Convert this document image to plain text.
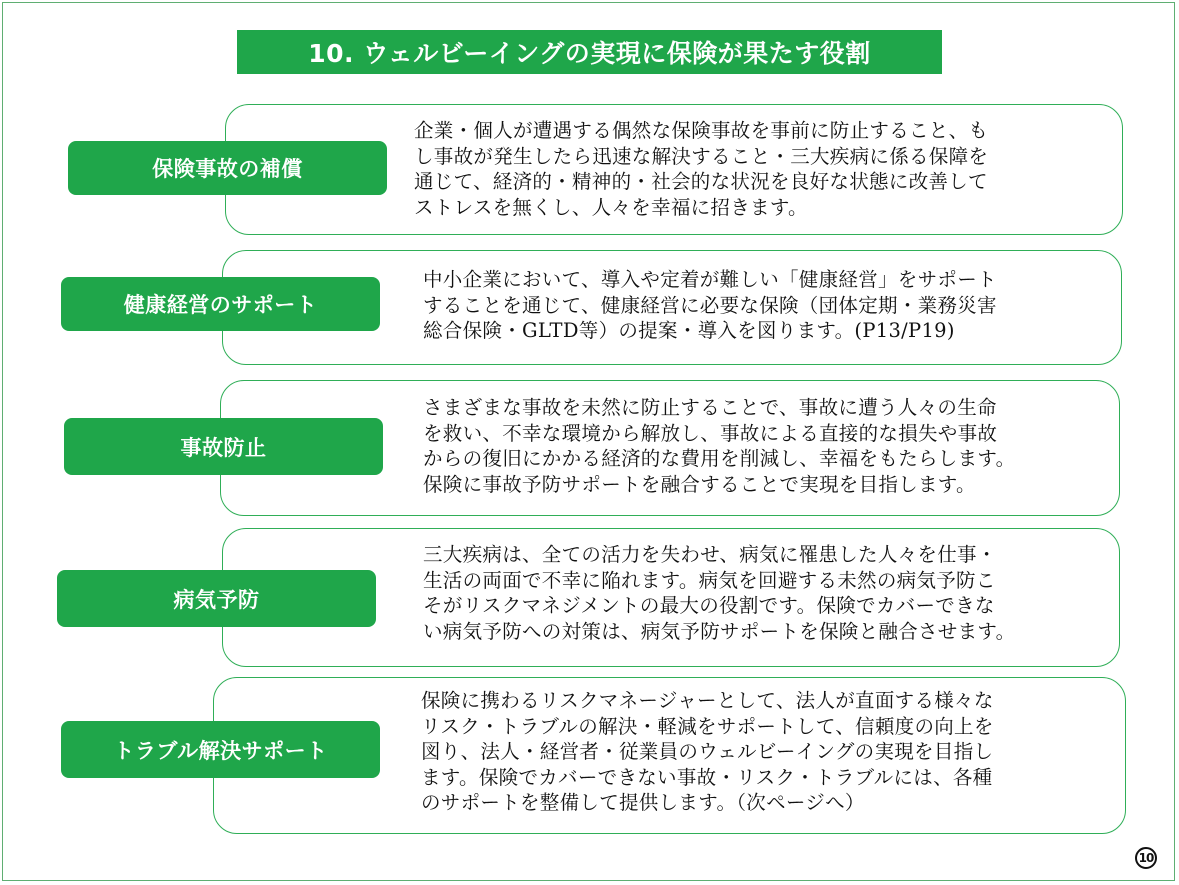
10. ウェルビーイングの実現に保険が果たす役割
企業・個人が遭遇する偶然な保険事故を事前に防止すること、も
し事故が発生したら迅速な解決すること・三大疾病に係る保障を
通じて、経済的・精神的・社会的な状況を良好な状態に改善して
ストレスを無くし、人々を幸福に招きます。
保険事故の補償
中小企業において、導入や定着が難しい「健康経営」をサポート
することを通じて、健康経営に必要な保険（団体定期・業務災害
総合保険・GLTD等）の提案・導入を図ります。(P13/P19)
健康経営のサポート
さまざまな事故を未然に防止することで、事故に遭う人々の生命
を救い、不幸な環境から解放し、事故による直接的な損失や事故
からの復旧にかかる経済的な費用を削減し、幸福をもたらします。
保険に事故予防サポートを融合することで実現を目指します。
事故防止
三大疾病は、全ての活力を失わせ、病気に罹患した人々を仕事・
生活の両面で不幸に陥れます。病気を回避する未然の病気予防こ
そがリスクマネジメントの最大の役割です。保険でカバーできな
い病気予防への対策は、病気予防サポートを保険と融合させます。
病気予防
保険に携わるリスクマネージャーとして、法人が直面する様々な
リスク・トラブルの解決・軽減をサポートして、信頼度の向上を
図り、法人・経営者・従業員のウェルビーイングの実現を目指し
ます。保険でカバーできない事故・リスク・トラブルには、各種
のサポートを整備して提供します。（次ページへ）
トラブル解決サポート
10
